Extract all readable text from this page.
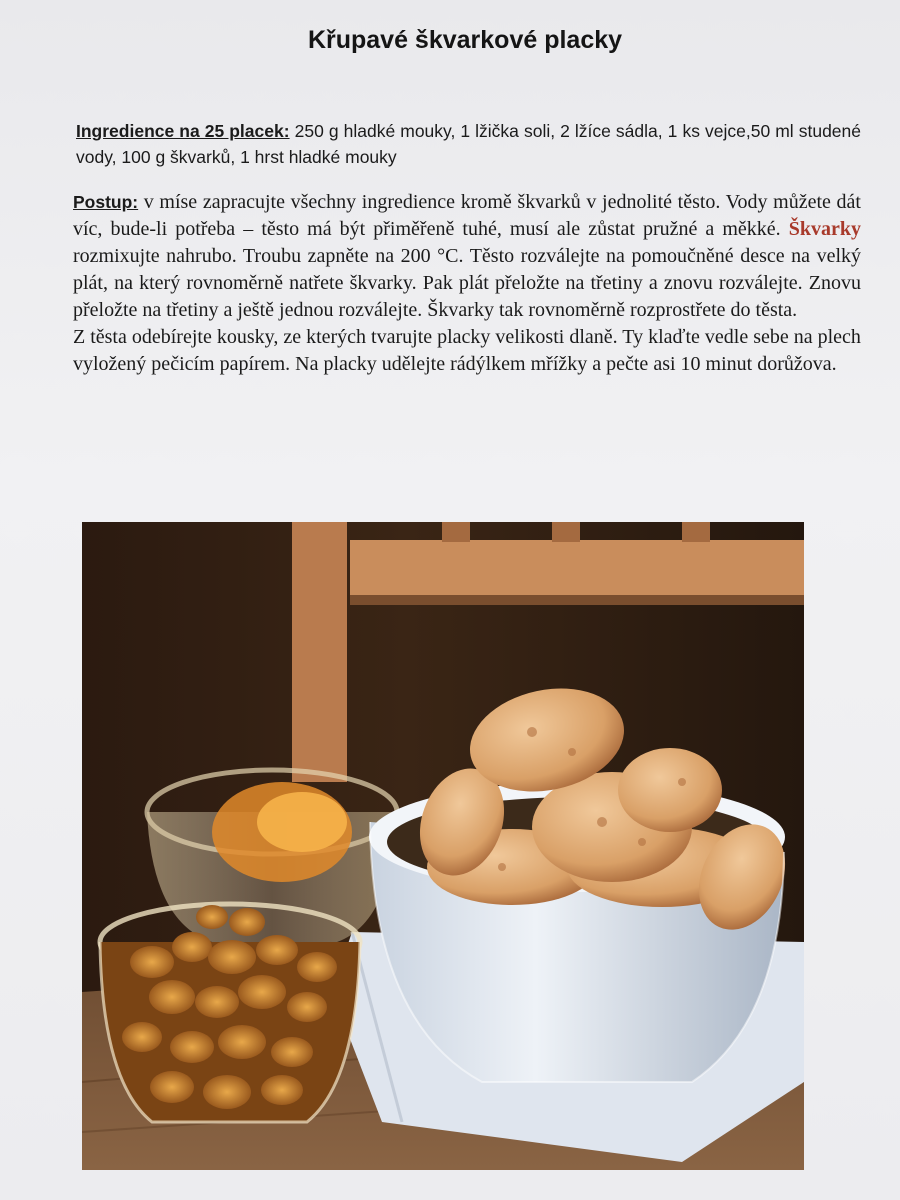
Křupavé škvarkové placky
Ingredience na 25 placek: 250 g hladké mouky, 1 lžička soli, 2 lžíce sádla, 1 ks vejce,50 ml studené vody, 100 g škvarků, 1 hrst hladké mouky

Postup: v míse zapracujte všechny ingredience kromě škvarků v jednolité těsto. Vody můžete dát víc, bude-li potřeba – těsto má být přiměřeně tuhé, musí ale zůstat pružné a měkké. Škvarky rozmixujte nahrubo. Troubu zapněte na 200 °C. Těsto rozválejte na pomoučněné desce na velký plát, na který rovnoměrně natřete škvarky. Pak plát přeložte na třetiny a znovu rozválejte. Znovu přeložte na třetiny a ještě jednou rozválejte. Škvarky tak rovnoměrně rozprostřete do těsta.

Z těsta odebírejte kousky, ze kterých tvarujte placky velikosti dlaně. Ty klaďte vedle sebe na plech vyložený pečicím papírem. Na placky udělejte rádýlkem mřížky a pečte asi 10 minut dorůžova.
